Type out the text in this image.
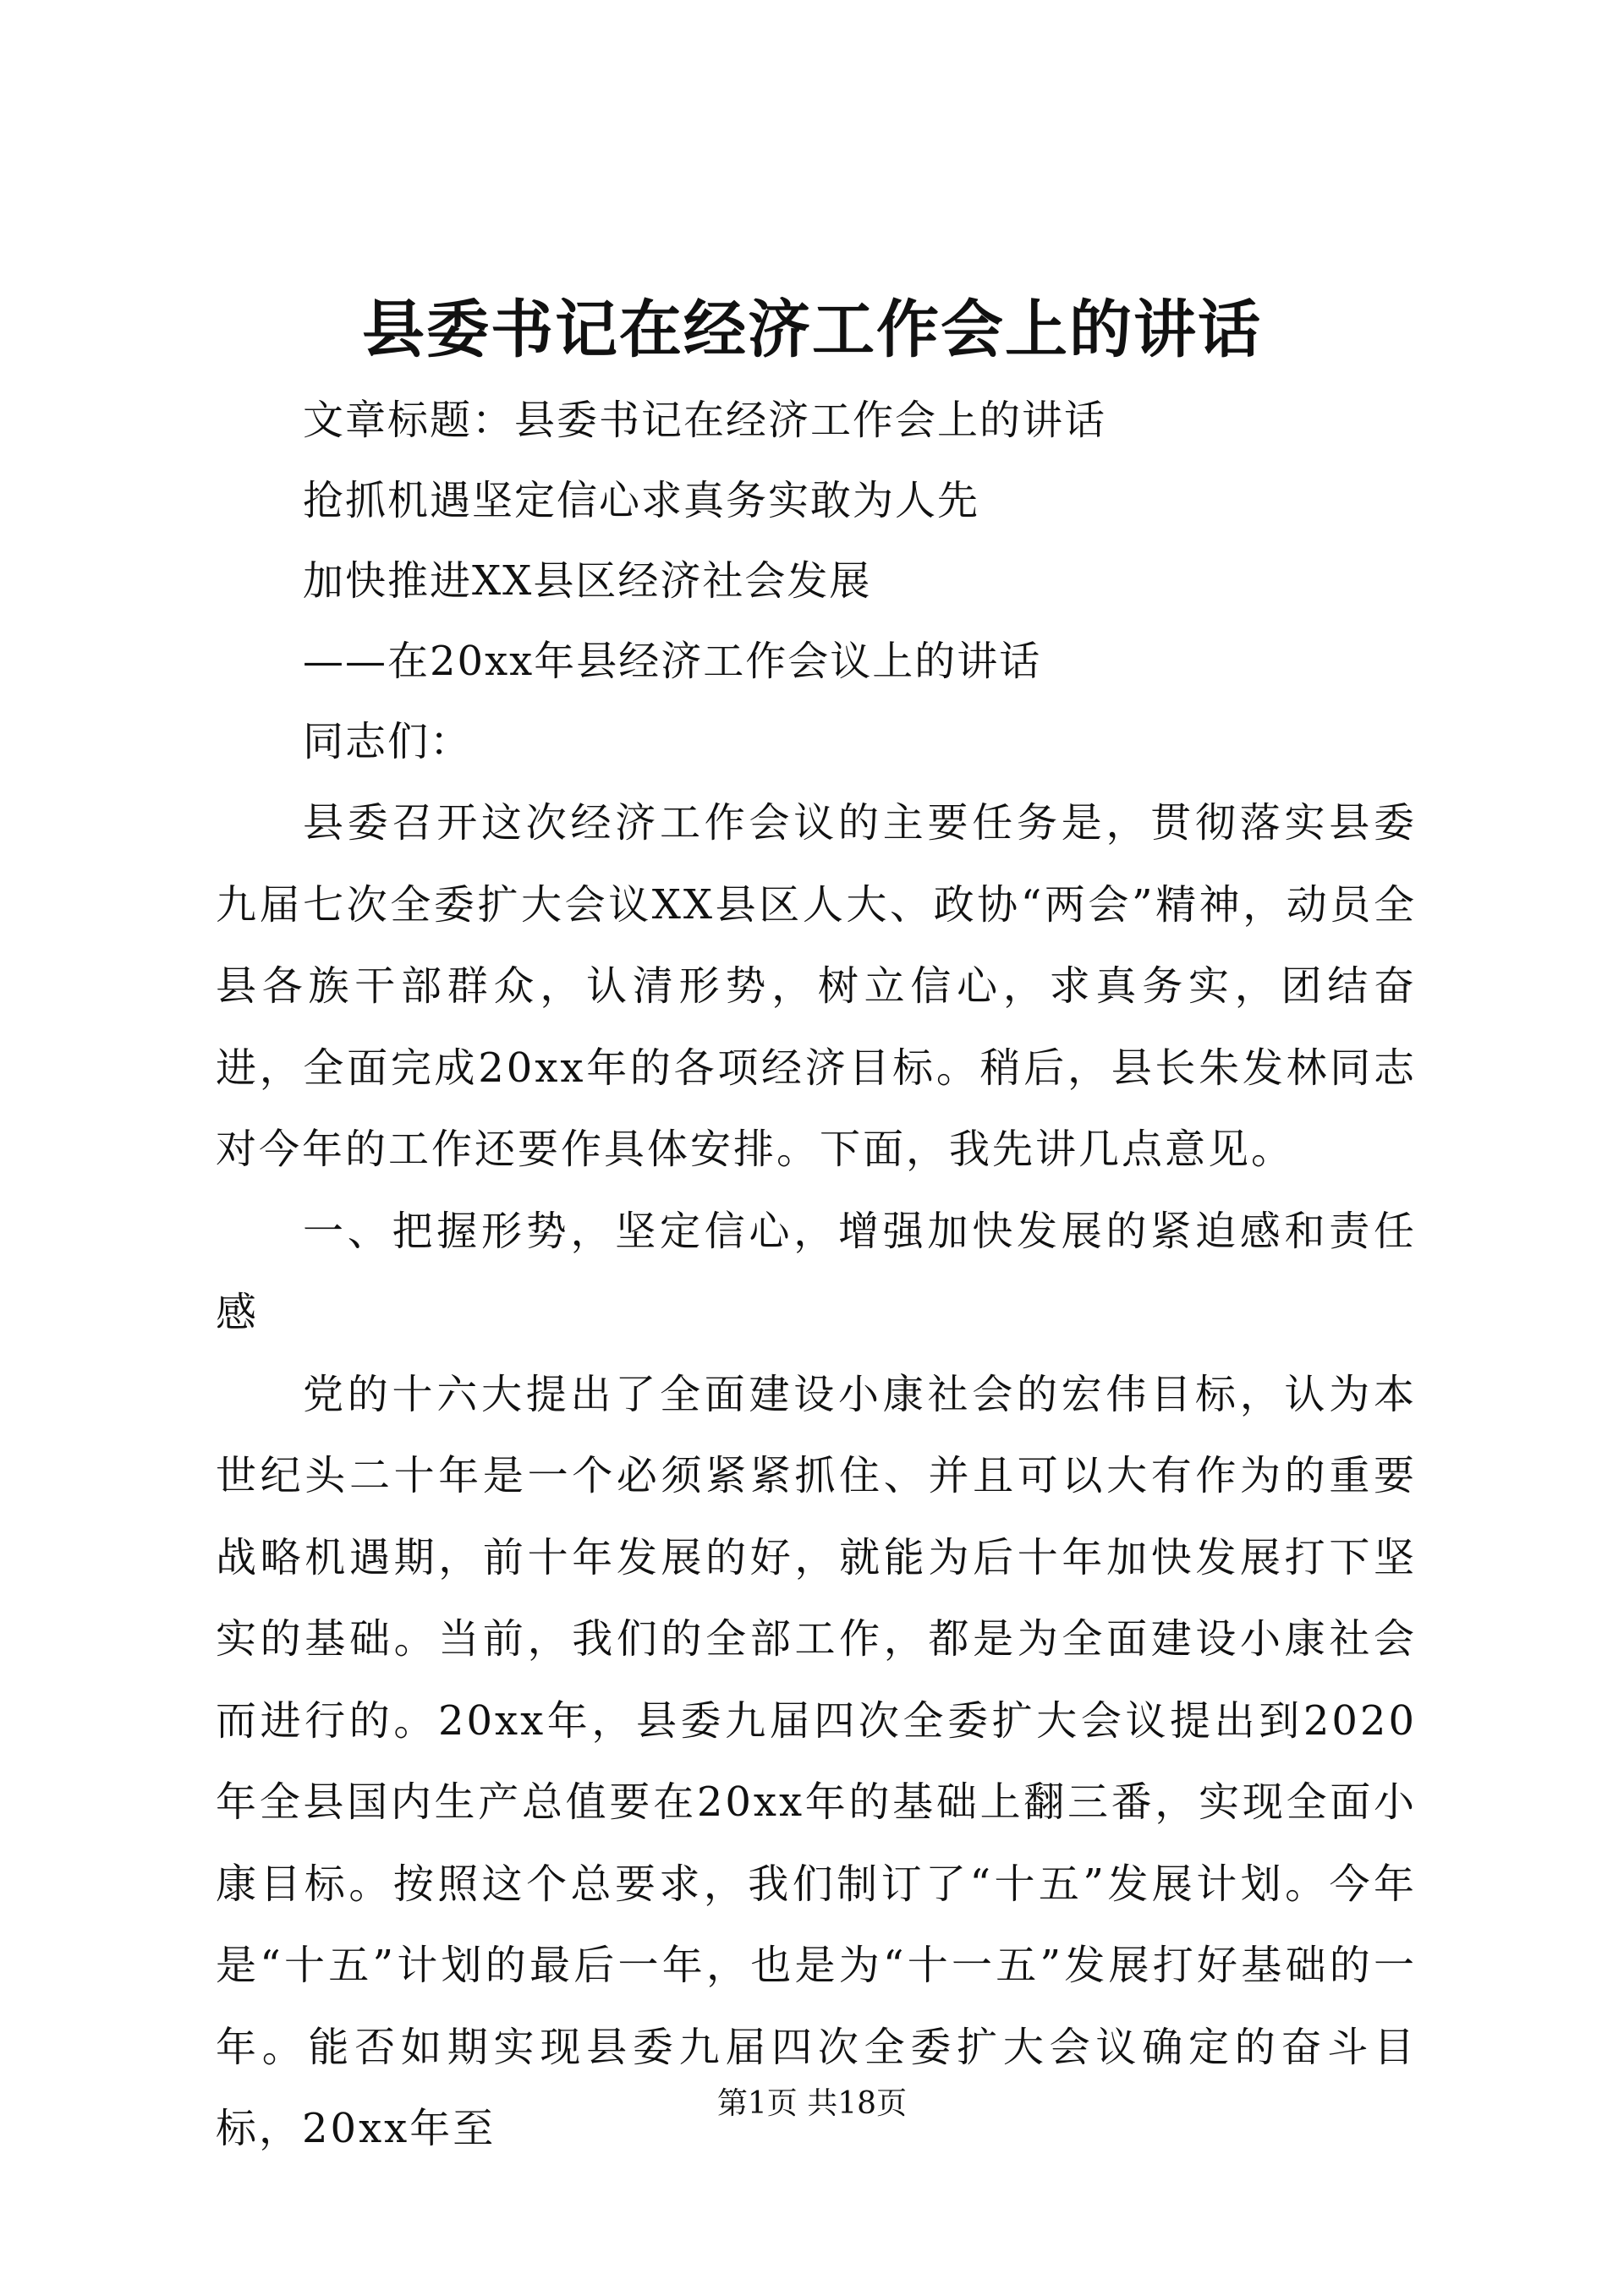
县委书记在经济工作会上的讲话
文章标题：县委书记在经济工作会上的讲话
抢抓机遇坚定信心求真务实敢为人先
加快推进XX县区经济社会发展
——在20xx年县经济工作会议上的讲话
同志们：

县委召开这次经济工作会议的主要任务是，贯彻落实县委九届七次全委扩大会议XX县区人大、政协“两会”精神，动员全县各族干部群众，认清形势，树立信心，求真务实，团结奋进，全面完成20xx年的各项经济目标。稍后，县长朱发林同志对今年的工作还要作具体安排。下面，我先讲几点意见。

一、把握形势，坚定信心，增强加快发展的紧迫感和责任感

党的十六大提出了全面建设小康社会的宏伟目标，认为本世纪头二十年是一个必须紧紧抓住、并且可以大有作为的重要战略机遇期，前十年发展的好，就能为后十年加快发展打下坚实的基础。当前，我们的全部工作，都是为全面建设小康社会而进行的。20xx年，县委九届四次全委扩大会议提出到2020年全县国内生产总值要在20xx年的基础上翻三番，实现全面小康目标。按照这个总要求，我们制订了“十五”发展计划。今年是“十五”计划的最后一年，也是为“十一五”发展打好基础的一年。能否如期实现县委九届四次全委扩大会议确定的奋斗目标，20xx年至

第1页 共18页
